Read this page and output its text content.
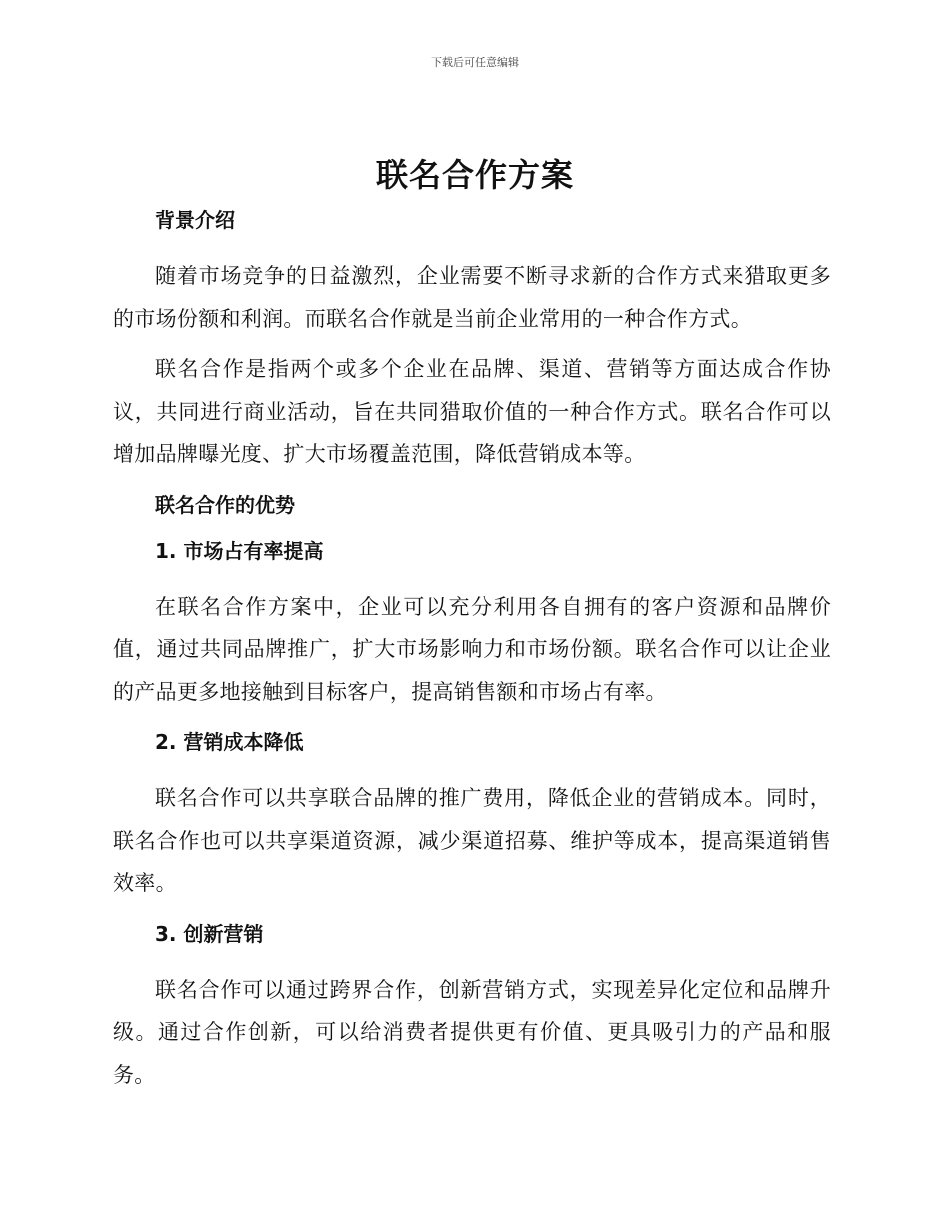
下载后可任意编辑
联名合作方案
背景介绍

随着市场竞争的日益激烈，企业需要不断寻求新的合作方式来猎取更多的市场份额和利润。而联名合作就是当前企业常用的一种合作方式。

联名合作是指两个或多个企业在品牌、渠道、营销等方面达成合作协议，共同进行商业活动，旨在共同猎取价值的一种合作方式。联名合作可以增加品牌曝光度、扩大市场覆盖范围，降低营销成本等。

联名合作的优势
1. 市场占有率提高

在联名合作方案中，企业可以充分利用各自拥有的客户资源和品牌价值，通过共同品牌推广，扩大市场影响力和市场份额。联名合作可以让企业的产品更多地接触到目标客户，提高销售额和市场占有率。

2. 营销成本降低

联名合作可以共享联合品牌的推广费用，降低企业的营销成本。同时，联名合作也可以共享渠道资源，减少渠道招募、维护等成本，提高渠道销售效率。

3. 创新营销

联名合作可以通过跨界合作，创新营销方式，实现差异化定位和品牌升级。通过合作创新，可以给消费者提供更有价值、更具吸引力的产品和服务。
